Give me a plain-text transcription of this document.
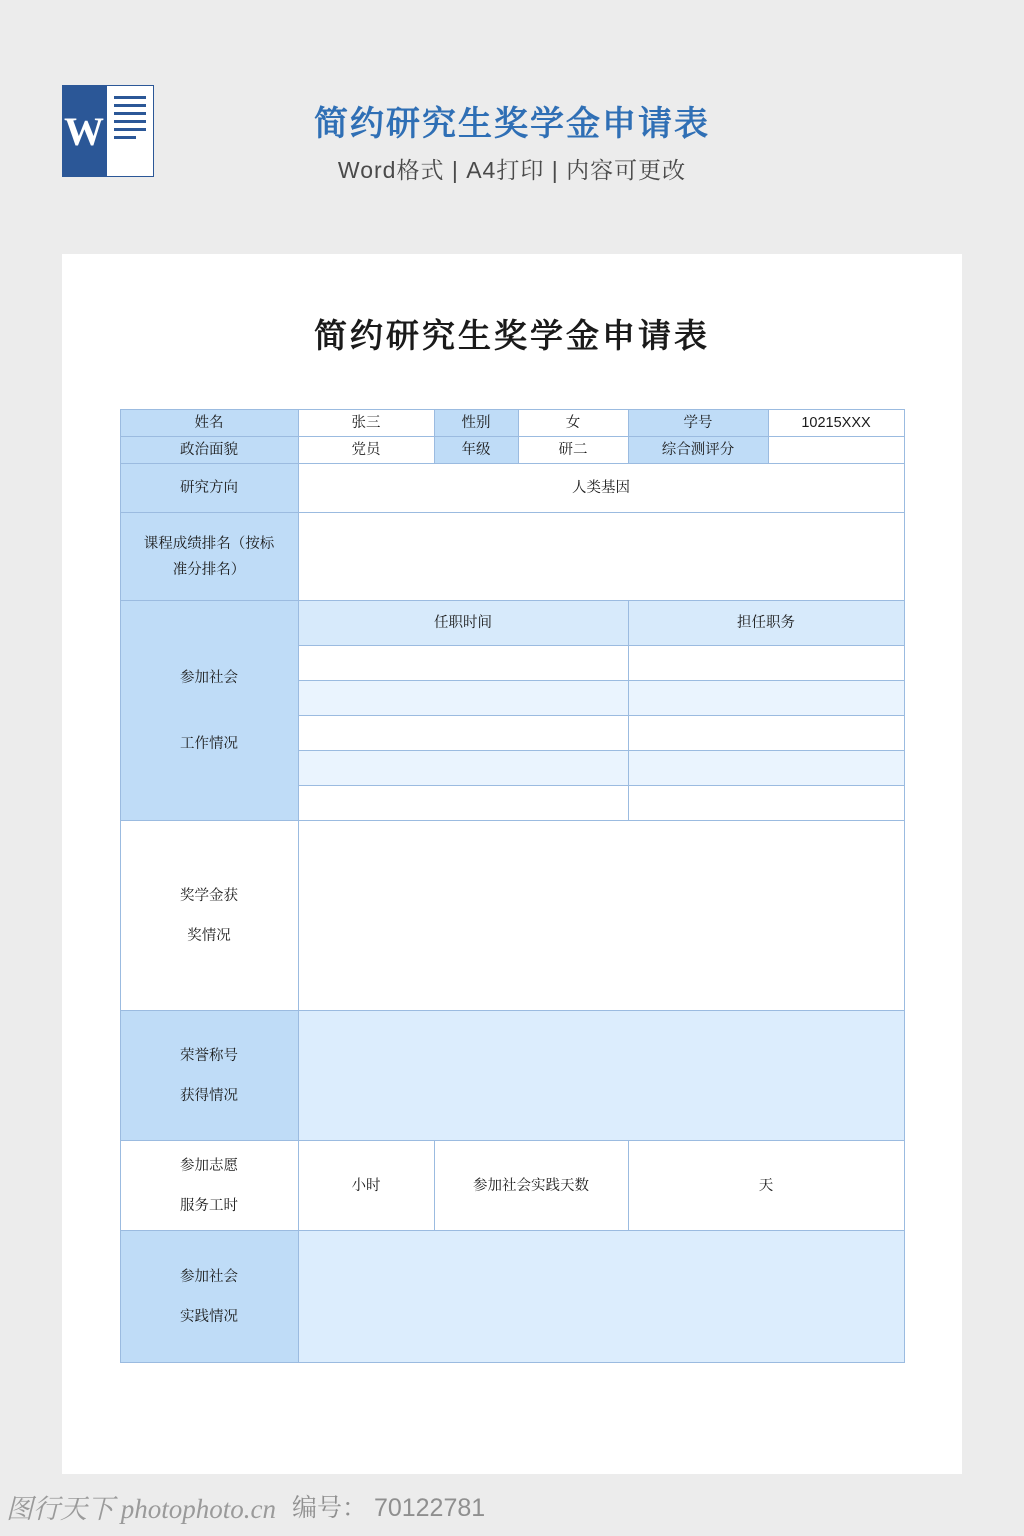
W	简约研究生奖学金申请表
Word格式 | A4打印 | 内容可更改
简约研究生奖学金申请表
姓名	张三	性别	女	学号	10215XXX
政治面貌	党员	年级	研二	综合测评分	
研究方向	人类基因				

课程成绩排名（按标
准分排名）					

参加社会
工作情况	任职时间			担任职务	

奖学金获
奖情况					

荣誉称号
获得情况					

参加志愿
服务工时	小时	参加社会实践天数		天	

参加社会
实践情况					

图行天下 photophoto.cn 编号： 70122781
